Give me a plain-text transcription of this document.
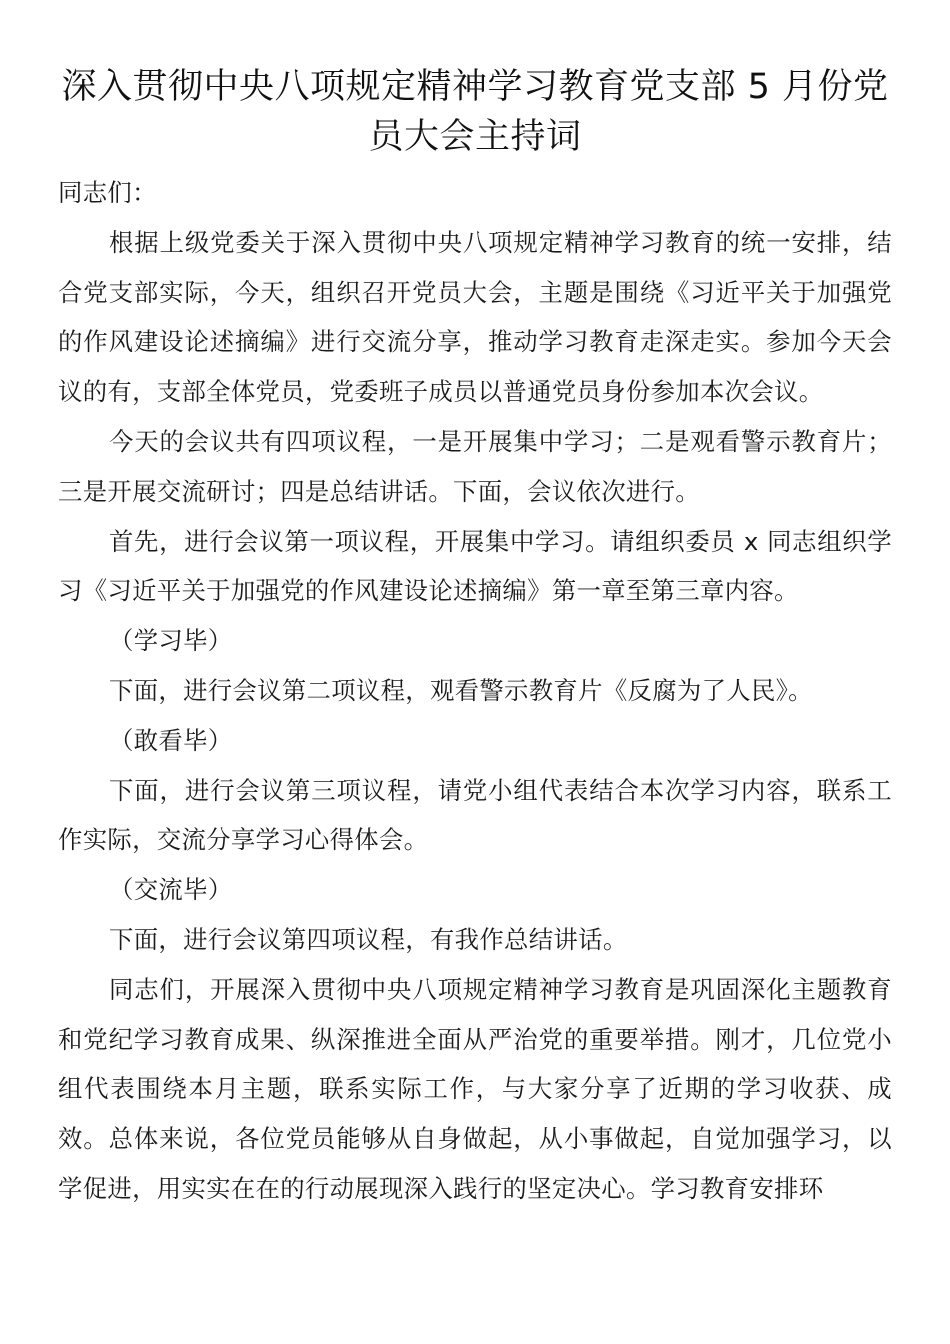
深入贯彻中央八项规定精神学习教育党支部 5 月份党员大会主持词

同志们：

根据上级党委关于深入贯彻中央八项规定精神学习教育的统一安排，结合党支部实际，今天，组织召开党员大会，主题是围绕《习近平关于加强党的作风建设论述摘编》进行交流分享，推动学习教育走深走实。参加今天会议的有，支部全体党员，党委班子成员以普通党员身份参加本次会议。

今天的会议共有四项议程，一是开展集中学习；二是观看警示教育片；三是开展交流研讨；四是总结讲话。下面，会议依次进行。

首先，进行会议第一项议程，开展集中学习。请组织委员 x 同志组织学习《习近平关于加强党的作风建设论述摘编》第一章至第三章内容。

（学习毕）

下面，进行会议第二项议程，观看警示教育片《反腐为了人民》。

（敢看毕）

下面，进行会议第三项议程，请党小组代表结合本次学习内容，联系工作实际，交流分享学习心得体会。

（交流毕）

下面，进行会议第四项议程，有我作总结讲话。

同志们，开展深入贯彻中央八项规定精神学习教育是巩固深化主题教育和党纪学习教育成果、纵深推进全面从严治党的重要举措。刚才，几位党小组代表围绕本月主题，联系实际工作，与大家分享了近期的学习收获、成效。总体来说，各位党员能够从自身做起，从小事做起，自觉加强学习，以学促进，用实实在在的行动展现深入践行的坚定决心。学习教育安排环
